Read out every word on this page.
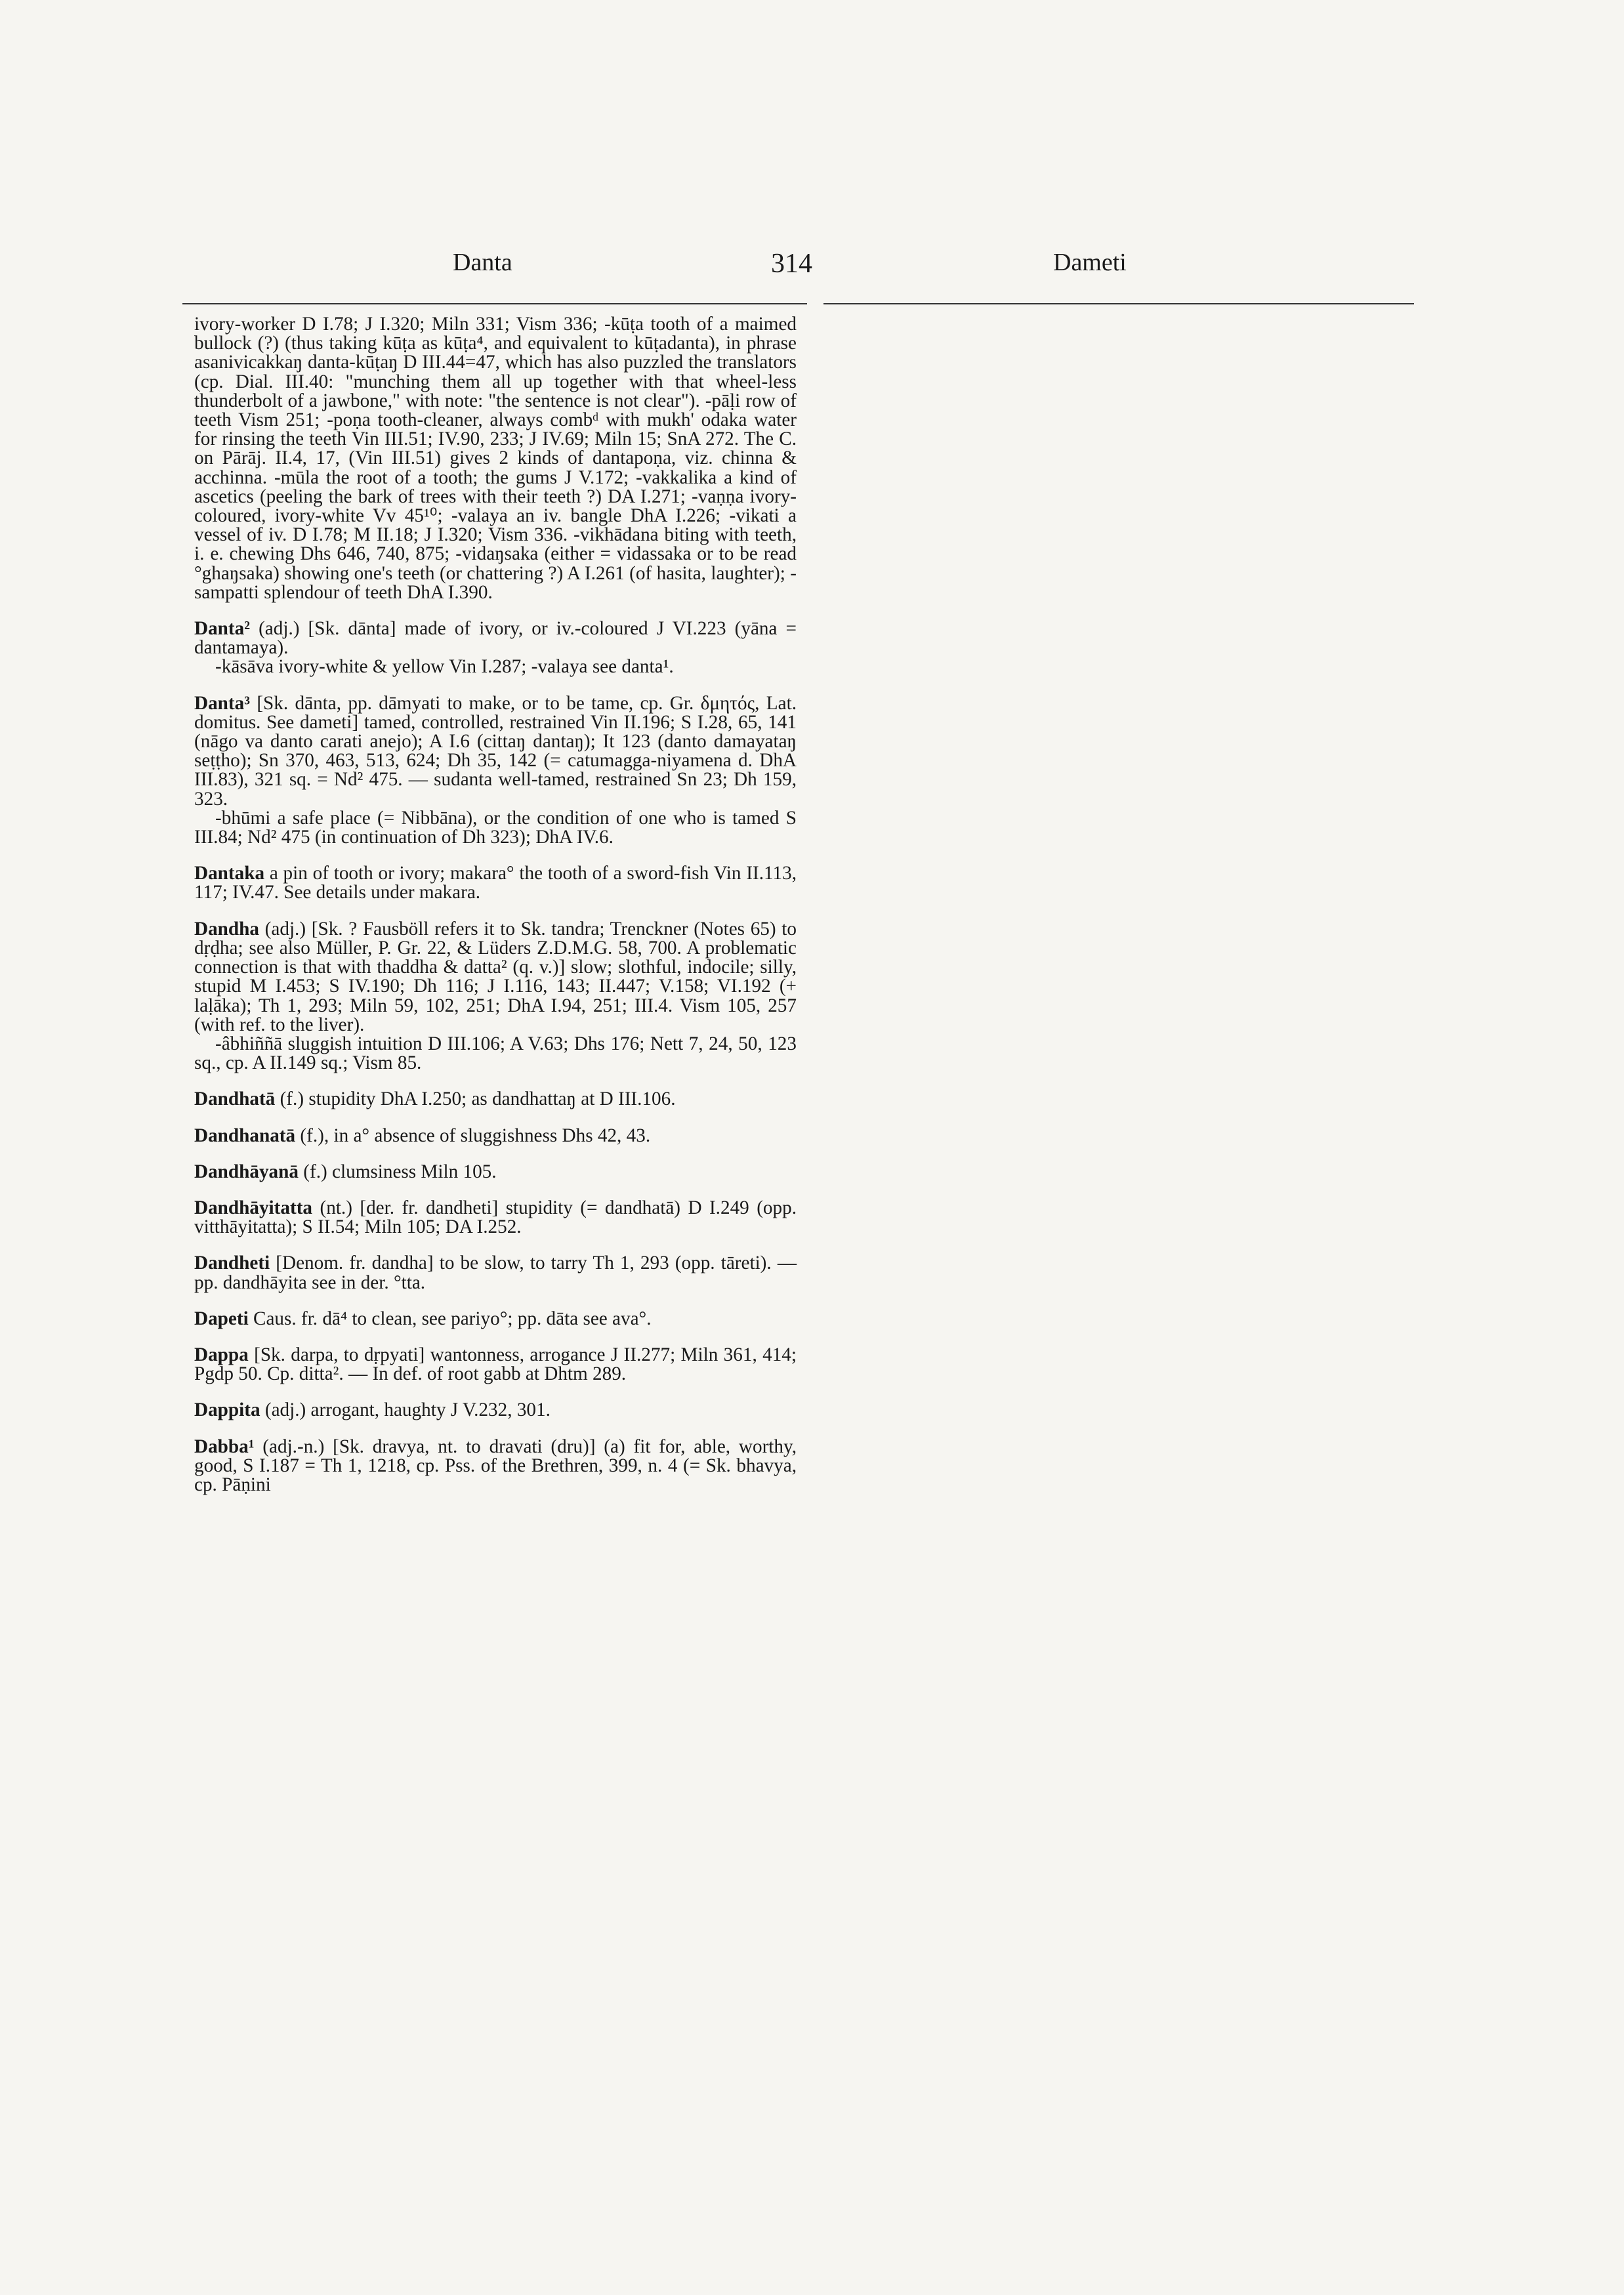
Danta	314	Dameti

ivory-worker D I.78; J I.320; Miln 331; Vism 336; -kūṭa tooth of a maimed bullock (?) (thus taking kūṭa as kūṭa⁴, and equivalent to kūṭadanta), in phrase asanivicakkaŋ danta-kūṭaŋ D III.44=47, which has also puzzled the translators (cp. Dial. III.40: "munching them all up together with that wheel-less thunderbolt of a jawbone," with note: "the sentence is not clear"). -pāḷi row of teeth Vism 251; -poṇa tooth-cleaner, always combᵈ with mukh' odaka water for rinsing the teeth Vin III.51; IV.90, 233; J IV.69; Miln 15; SnA 272. The C. on Pārāj. II.4, 17, (Vin III.51) gives 2 kinds of dantapoṇa, viz. chinna & acchinna. -mūla the root of a tooth; the gums J V.172; -vakkalika a kind of ascetics (peeling the bark of trees with their teeth ?) DA I.271; -vaṇṇa ivory-coloured, ivory-white Vv 45¹⁰; -valaya an iv. bangle DhA I.226; -vikati a vessel of iv. D I.78; M II.18; J I.320; Vism 336. -vikhādana biting with teeth, i. e. chewing Dhs 646, 740, 875; -vidaŋsaka (either = vidassaka or to be read °ghaŋsaka) showing one's teeth (or chattering ?) A I.261 (of hasita, laughter); -sampatti splendour of teeth DhA I.390.

Danta² (adj.) [Sk. dānta] made of ivory, or iv.-coloured J VI.223 (yāna = dantamaya).

-kāsāva ivory-white & yellow Vin I.287; -valaya see danta¹.

Danta³ [Sk. dānta, pp. dāmyati to make, or to be tame, cp. Gr. δμητός, Lat. domitus. See dameti] tamed, controlled, restrained Vin II.196; S I.28, 65, 141 (nāgo va danto carati anejo); A I.6 (cittaŋ dantaŋ); It 123 (danto damayataŋ seṭṭho); Sn 370, 463, 513, 624; Dh 35, 142 (= catumagga-niyamena d. DhA III.83), 321 sq. = Nd² 475. — sudanta well-tamed, restrained Sn 23; Dh 159, 323.

-bhūmi a safe place (= Nibbāna), or the condition of one who is tamed S III.84; Nd² 475 (in continuation of Dh 323); DhA IV.6.

Dantaka a pin of tooth or ivory; makara° the tooth of a sword-fish Vin II.113, 117; IV.47. See details under makara.

Dandha (adj.) [Sk. ? Fausböll refers it to Sk. tandra; Trenckner (Notes 65) to dṛḍha; see also Müller, P. Gr. 22, & Lüders Z.D.M.G. 58, 700. A problematic connection is that with thaddha & datta² (q. v.)] slow; slothful, indocile; silly, stupid M I.453; S IV.190; Dh 116; J I.116, 143; II.447; V.158; VI.192 (+ laḷāka); Th 1, 293; Miln 59, 102, 251; DhA I.94, 251; III.4. Vism 105, 257 (with ref. to the liver).

-âbhiññā sluggish intuition D III.106; A V.63; Dhs 176; Nett 7, 24, 50, 123 sq., cp. A II.149 sq.; Vism 85.

Dandhatā (f.) stupidity DhA I.250; as dandhattaŋ at D III.106.

Dandhanatā (f.), in a° absence of sluggishness Dhs 42, 43.

Dandhāyanā (f.) clumsiness Miln 105.

Dandhāyitatta (nt.) [der. fr. dandheti] stupidity (= dandhatā) D I.249 (opp. vitthāyitatta); S II.54; Miln 105; DA I.252.

Dandheti [Denom. fr. dandha] to be slow, to tarry Th 1, 293 (opp. tāreti). — pp. dandhāyita see in der. °tta.

Dapeti Caus. fr. dā⁴ to clean, see pariyo°; pp. dāta see ava°.

Dappa [Sk. darpa, to dṛpyati] wantonness, arrogance J II.277; Miln 361, 414; Pgdp 50. Cp. ditta². — In def. of root gabb at Dhtm 289.

Dappita (adj.) arrogant, haughty J V.232, 301.

Dabba¹ (adj.-n.) [Sk. dravya, nt. to dravati (dru)] (a) fit for, able, worthy, good, S I.187 = Th 1, 1218, cp. Pss. of the Brethren, 399, n. 4 (= Sk. bhavya, cp. Pāṇini
